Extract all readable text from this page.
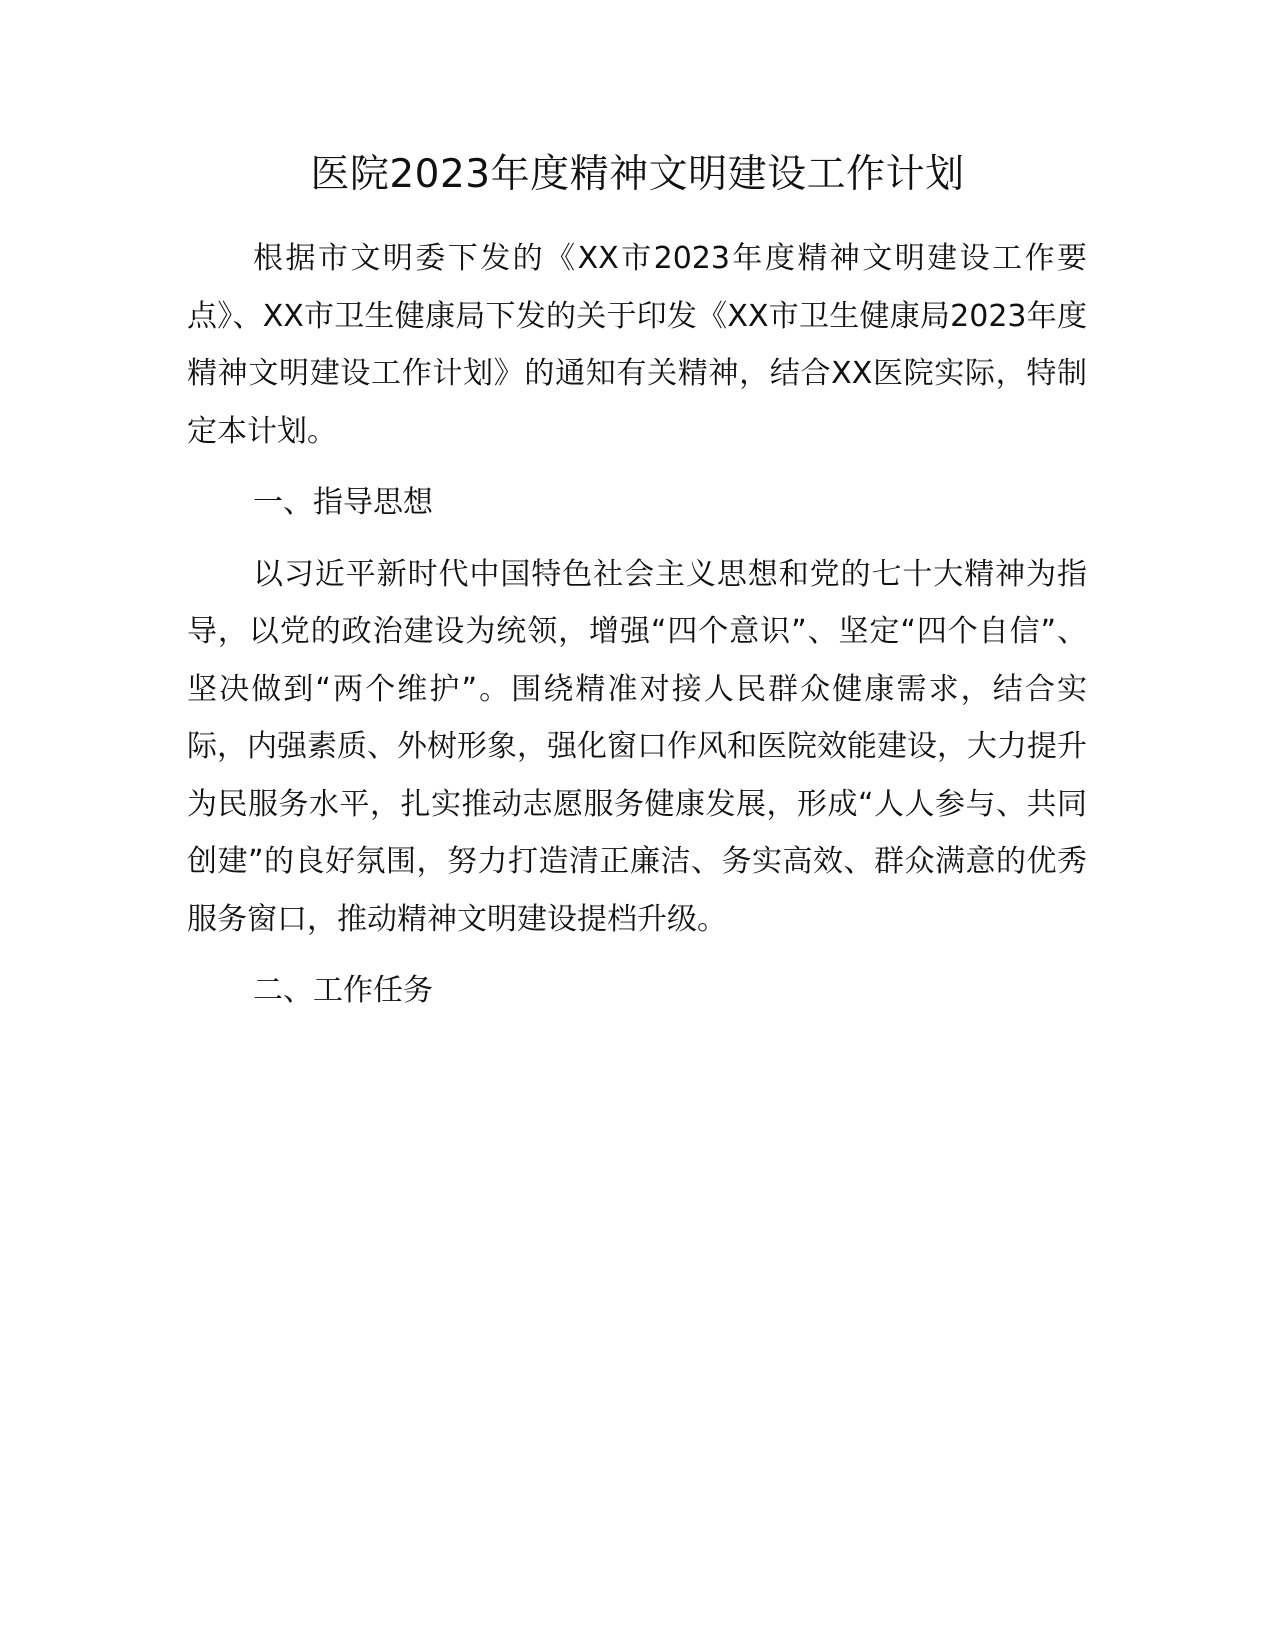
医院2023年度精神文明建设工作计划

根据市文明委下发的《XX市2023年度精神文明建设工作要点》、XX市卫生健康局下发的关于印发《XX市卫生健康局2023年度精神文明建设工作计划》的通知有关精神，结合XX医院实际，特制定本计划。

一、指导思想

以习近平新时代中国特色社会主义思想和党的七十大精神为指导，以党的政治建设为统领，增强“四个意识”、坚定“四个自信”、坚决做到“两个维护”。围绕精准对接人民群众健康需求，结合实际，内强素质、外树形象，强化窗口作风和医院效能建设，大力提升为民服务水平，扎实推动志愿服务健康发展，形成“人人参与、共同创建”的良好氛围，努力打造清正廉洁、务实高效、群众满意的优秀服务窗口，推动精神文明建设提档升级。

二、工作任务
